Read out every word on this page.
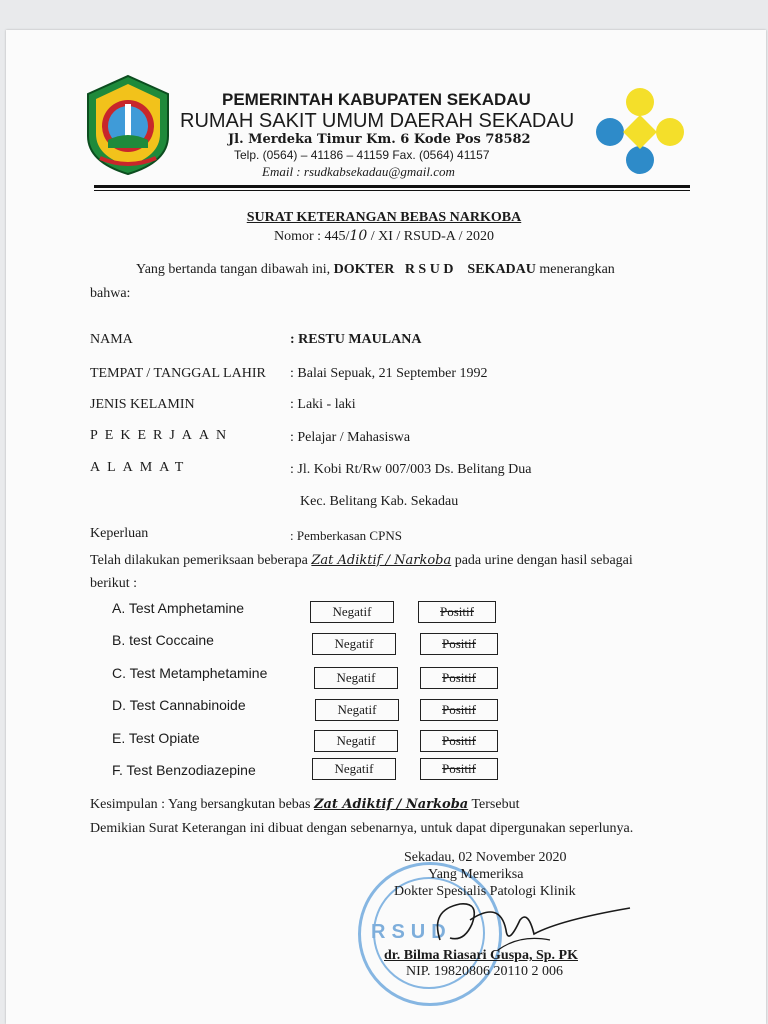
PEMERINTAH KABUPATEN SEKADAU
RUMAH SAKIT UMUM DAERAH SEKADAU
Jl. Merdeka Timur Km. 6 Kode Pos 78582
Telp. (0564) – 41186 – 41159 Fax. (0564) 41157
Email : rsudkabsekadau@gmail.com
SURAT KETERANGAN BEBAS NARKOBA
Nomor : 445/10 / XI / RSUD-A / 2020
Yang bertanda tangan dibawah ini, DOKTER   R S U D    SEKADAU menerangkan
bahwa:
NAMA	: RESTU MAULANA
TEMPAT / TANGGAL LAHIR : Balai Sepuak, 21 September 1992
JENIS KELAMIN	: Laki - laki
PEKERJAAN	: Pelajar / Mahasiswa
ALAMAT	: Jl. Kobi Rt/Rw 007/003 Ds. Belitang Dua
Kec. Belitang Kab. Sekadau
Keperluan	: Pemberkasan CPNS
Telah dilakukan pemeriksaan beberapa Zat Adiktif / Narkoba pada urine dengan hasil sebagai
berikut :
A. Test Amphetamine	Negatif	Positif
B. test Coccaine	Negatif	Positif
C. Test Metamphetamine	Negatif	Positif
D. Test Cannabinoide	Negatif	Positif
E. Test Opiate	Negatif	Positif
F. Test Benzodiazepine	Negatif	Positif
Kesimpulan : Yang bersangkutan bebas Zat Adiktif / Narkoba Tersebut
Demikian Surat Keterangan ini dibuat dengan sebenarnya, untuk dapat dipergunakan seperlunya.
RSUD
Sekadau, 02 November 2020
Yang Memeriksa
Dokter Spesialis Patologi Klinik
dr. Bilma Riasari Guspa, Sp. PK
NIP. 19820806 20110 2 006
